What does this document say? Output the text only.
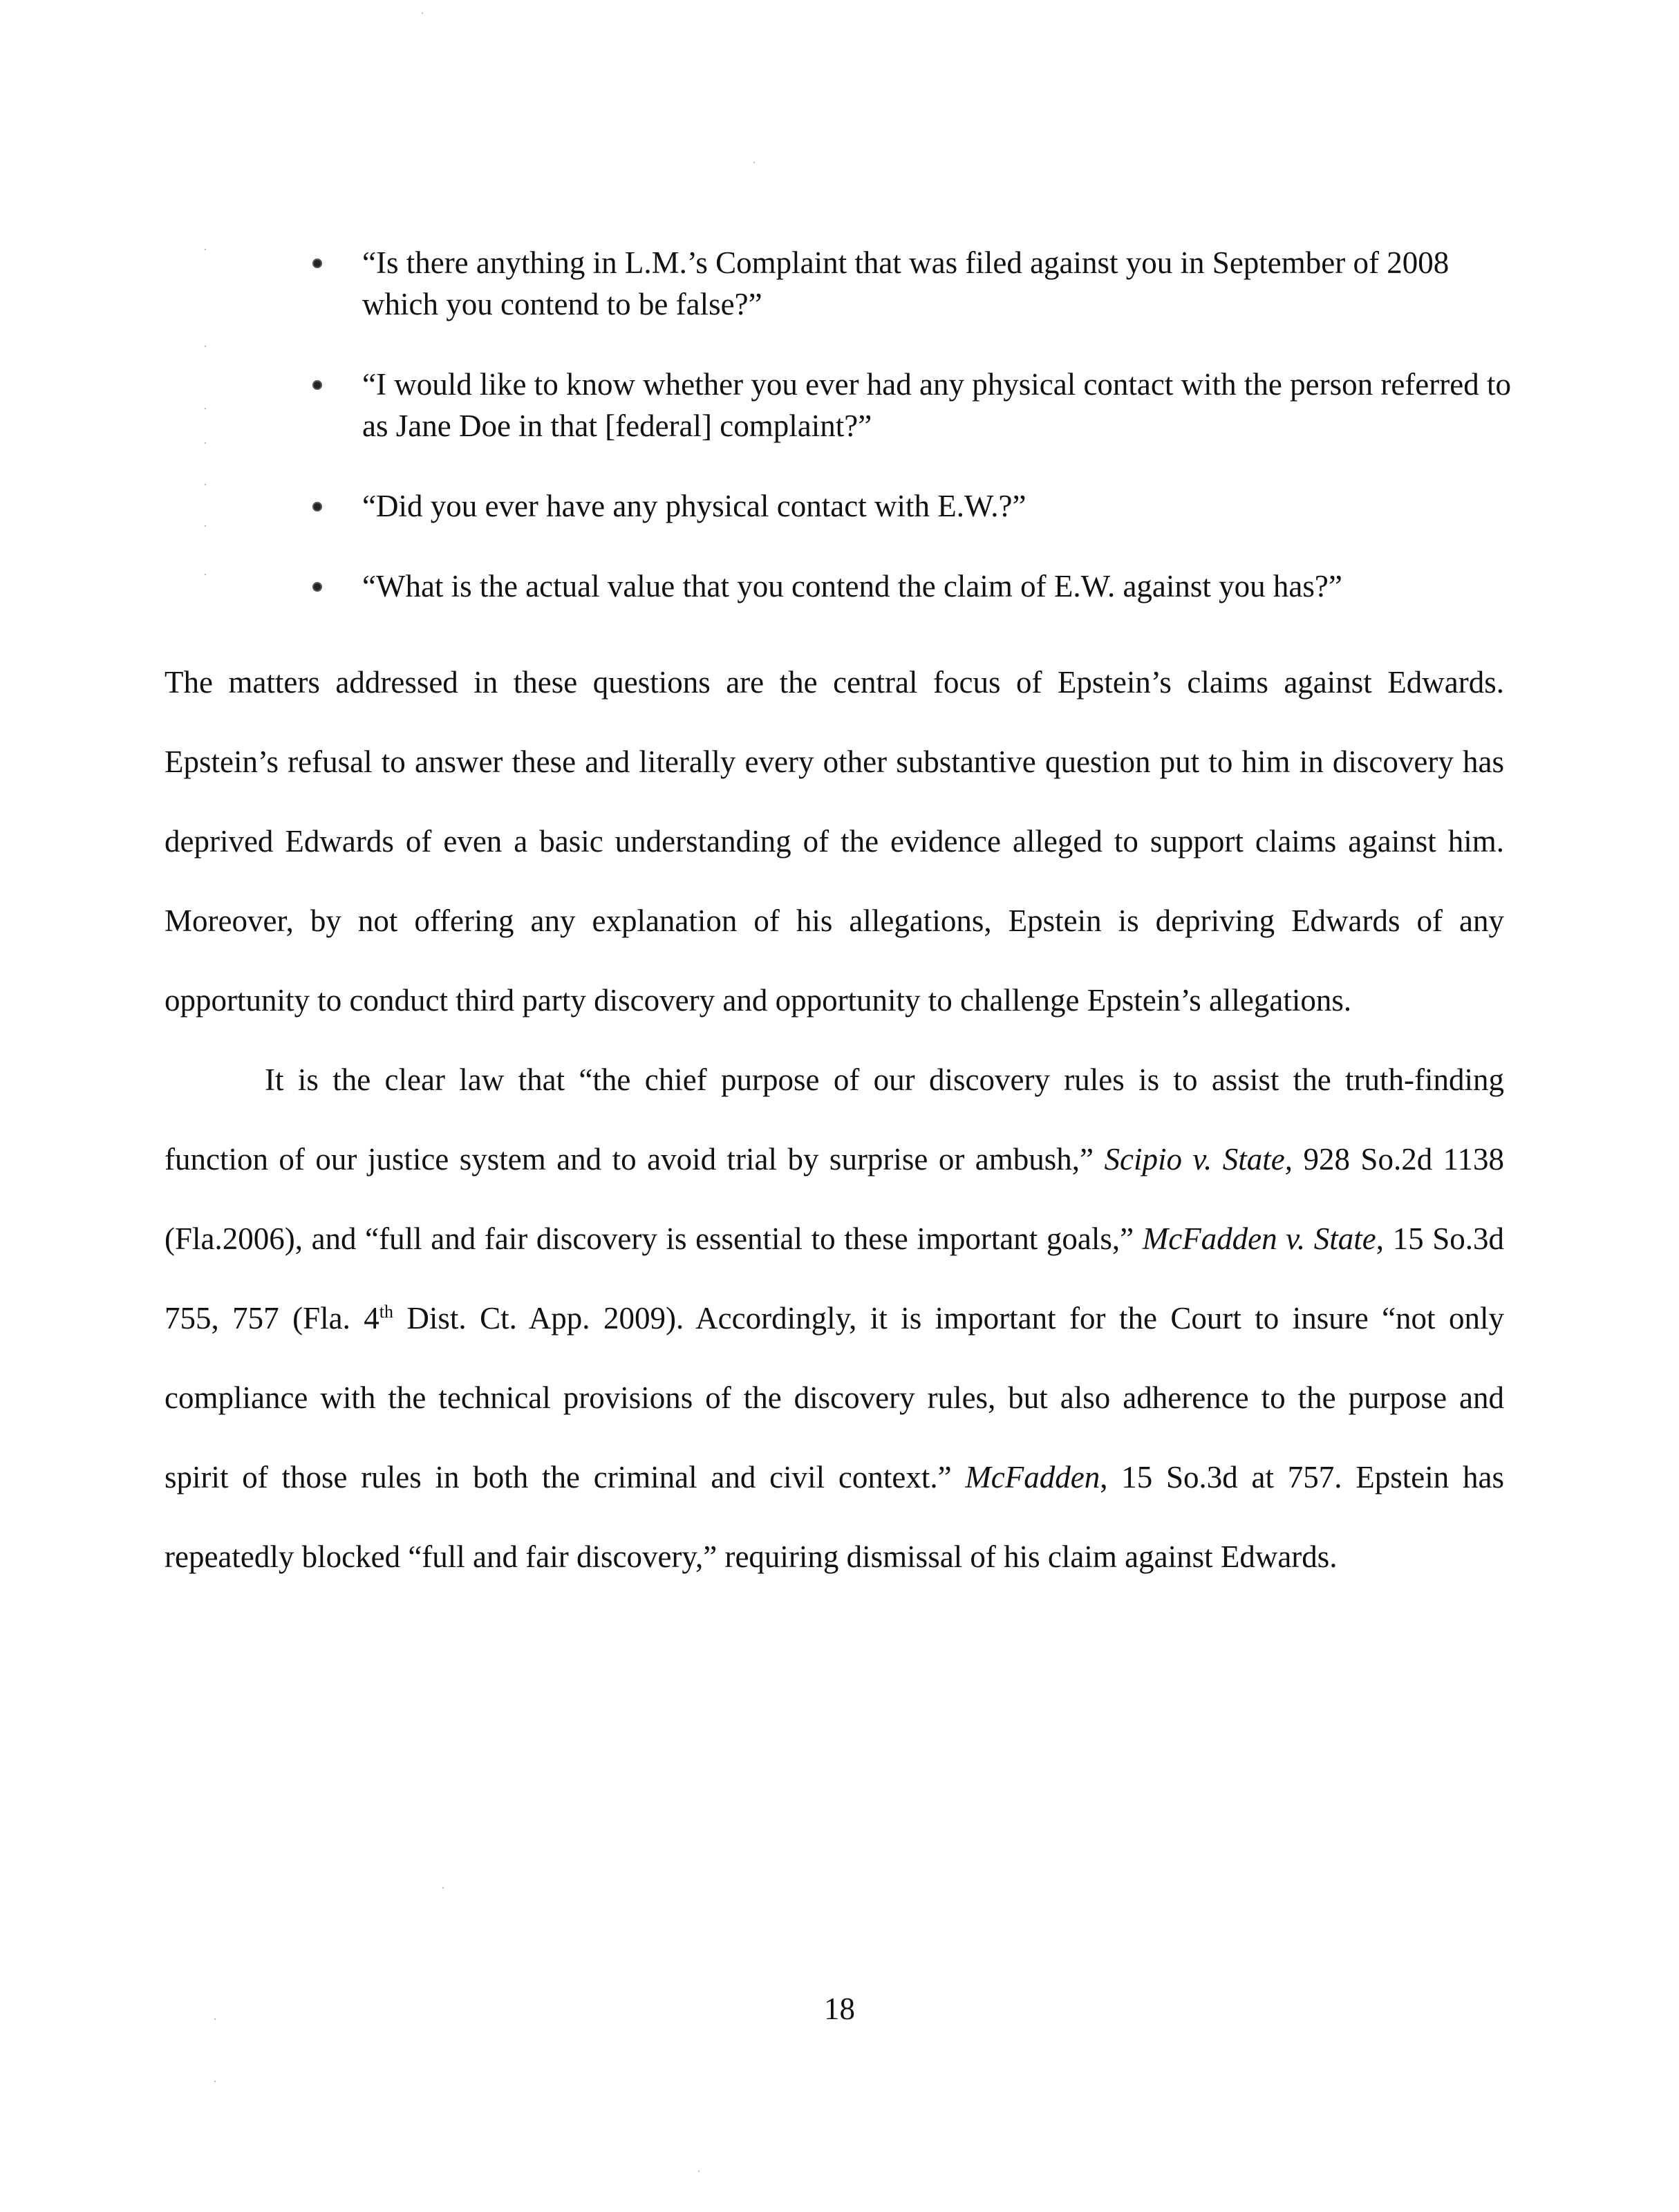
“Is there anything in L.M.’s Complaint that was filed against you in September of 2008 which you contend to be false?”
“I would like to know whether you ever had any physical contact with the person referred to as Jane Doe in that [federal] complaint?”
“Did you ever have any physical contact with E.W.?”
“What is the actual value that you contend the claim of E.W. against you has?”

The matters addressed in these questions are the central focus of Epstein’s claims against Edwards. Epstein’s refusal to answer these and literally every other substantive question put to him in discovery has deprived Edwards of even a basic understanding of the evidence alleged to support claims against him. Moreover, by not offering any explanation of his allegations, Epstein is depriving Edwards of any opportunity to conduct third party discovery and opportunity to challenge Epstein’s allegations.

It is the clear law that “the chief purpose of our discovery rules is to assist the truth-finding function of our justice system and to avoid trial by surprise or ambush,” Scipio v. State, 928 So.2d 1138 (Fla.2006), and “full and fair discovery is essential to these important goals,” McFadden v. State, 15 So.3d 755, 757 (Fla. 4th Dist. Ct. App. 2009). Accordingly, it is important for the Court to insure “not only compliance with the technical provisions of the discovery rules, but also adherence to the purpose and spirit of those rules in both the criminal and civil context.” McFadden, 15 So.3d at 757. Epstein has repeatedly blocked “full and fair discovery,” requiring dismissal of his claim against Edwards.

18
